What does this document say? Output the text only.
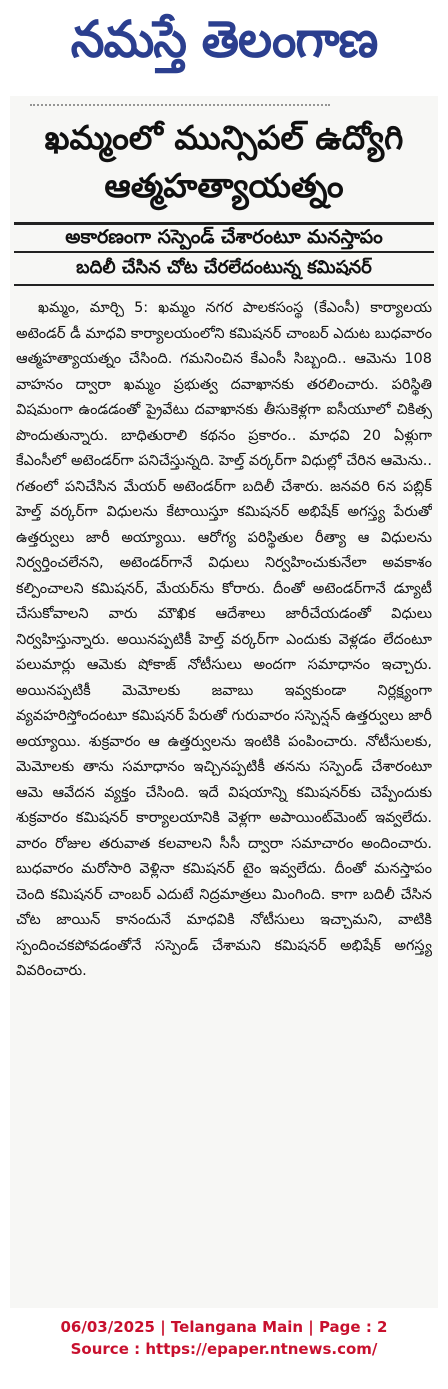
నమస్తే తెలంగాణ
ఖమ్మంలో మున్సిపల్ ఉద్యోగి ఆత్మహత్యాయత్నం
అకారణంగా సస్పెండ్ చేశారంటూ మనస్తాపం
బదిలీ చేసిన చోట చేరలేదంటున్న కమిషనర్
ఖమ్మం, మార్చి 5: ఖమ్మం నగర పాలకసంస్థ (కేఎంసీ) కార్యాలయ అటెండర్ డీ మాధవి కార్యాలయంలోని కమిషనర్ చాంబర్ ఎదుట బుధవారం ఆత్మహత్యాయత్నం చేసింది. గమనించిన కేఎంసీ సిబ్బంది.. ఆమెను 108 వాహనం ద్వారా ఖమ్మం ప్రభుత్వ దవాఖానకు తరలించారు. పరిస్థితి విషమంగా ఉండడంతో ప్రైవేటు దవాఖానకు తీసుకెళ్లగా ఐసీయూలో చికిత్స పొందుతున్నారు. బాధితురాలి కథనం ప్రకారం.. మాధవి 20 ఏళ్లుగా కేఎంసీలో అటెండర్‌గా పనిచేస్తున్నది. హెల్త్ వర్కర్‌గా విధుల్లో చేరిన ఆమెను.. గతంలో పనిచేసిన మేయర్ అటెండర్‌గా బదిలీ చేశారు. జనవరి 6న పబ్లిక్ హెల్త్ వర్కర్‌గా విధులను కేటాయిస్తూ కమిషనర్ అభిషేక్ అగస్త్య పేరుతో ఉత్తర్వులు జారీ అయ్యాయి. ఆరోగ్య పరిస్థితుల రీత్యా ఆ విధులను నిర్వర్తించలేనని, అటెండర్‌గానే విధులు నిర్వహించుకునేలా అవకాశం కల్పించాలని కమిషనర్, మేయర్‌ను కోరారు. దీంతో అటెండర్‌గానే డ్యూటీ చేసుకోవాలని వారు మౌఖిక ఆదేశాలు జారీచేయడంతో విధులు నిర్వహిస్తున్నారు. అయినప్పటికీ హెల్త్ వర్కర్‌గా ఎందుకు వెళ్లడం లేదంటూ పలుమార్లు ఆమెకు షోకాజ్ నోటీసులు అందగా సమాధానం ఇచ్చారు. అయినప్పటికీ మెమోలకు జవాబు ఇవ్వకుండా నిర్లక్ష్యంగా వ్యవహరిస్తోందంటూ కమిషనర్ పేరుతో గురువారం సస్పెన్షన్ ఉత్తర్వులు జారీ అయ్యాయి. శుక్రవారం ఆ ఉత్తర్వులను ఇంటికి పంపించారు. నోటీసులకు, మెమోలకు తాను సమాధానం ఇచ్చినప్పటికీ తనను సస్పెండ్ చేశారంటూ ఆమె ఆవేదన వ్యక్తం చేసింది. ఇదే విషయాన్ని కమిషనర్‌కు చెప్పేందుకు శుక్రవారం కమిషనర్ కార్యాలయానికి వెళ్లగా అపాయింట్‌మెంట్ ఇవ్వలేదు. వారం రోజుల తరువాత కలవాలని సీసీ ద్వారా సమాచారం అందించారు. బుధవారం మరోసారి వెళ్లినా కమిషనర్ టైం ఇవ్వలేదు. దీంతో మనస్తాపం చెంది కమిషనర్ చాంబర్ ఎదుటే నిద్రమాత్రలు మింగింది. కాగా బదిలీ చేసిన చోట జాయిన్ కానందునే మాధవికి నోటీసులు ఇచ్చామని, వాటికి స్పందించకపోవడంతోనే సస్పెండ్ చేశామని కమిషనర్ అభిషేక్ అగస్త్య వివరించారు.
06/03/2025 | Telangana Main | Page : 2
Source : https://epaper.ntnews.com/
